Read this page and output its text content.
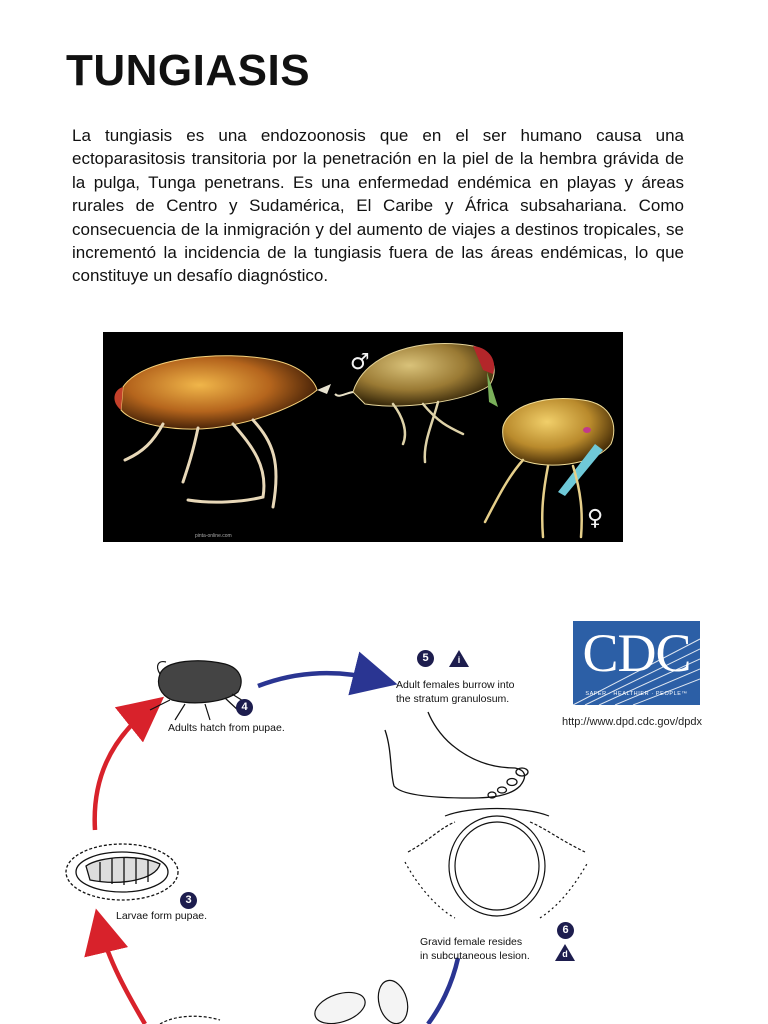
TUNGIASIS

La tungiasis es una endozoonosis que en el ser humano causa una ectoparasitosis transitoria por la penetración en la piel de la hembra grávida de la pulga, Tunga penetrans. Es una enfermedad endémica en playas y áreas rurales de Centro y Sudamérica, El Caribe y África subsahariana. Como consecuencia de la inmigración y del aumento de viajes a destinos tropicales, se incrementó la incidencia de la tungiasis fuera de las áreas endémicas, lo que constituye un desafío diagnóstico.

♂
♀
pinta-online.com
CDC
SAFER · HEALTHIER · PEOPLE™
http://www.dpd.cdc.gov/dpdx
4
Adults hatch from pupae.
5	i
Adult females burrow into
the stratum granulosum.
3
Larvae form pupae.
6
d
Gravid female resides
in subcutaneous lesion.
